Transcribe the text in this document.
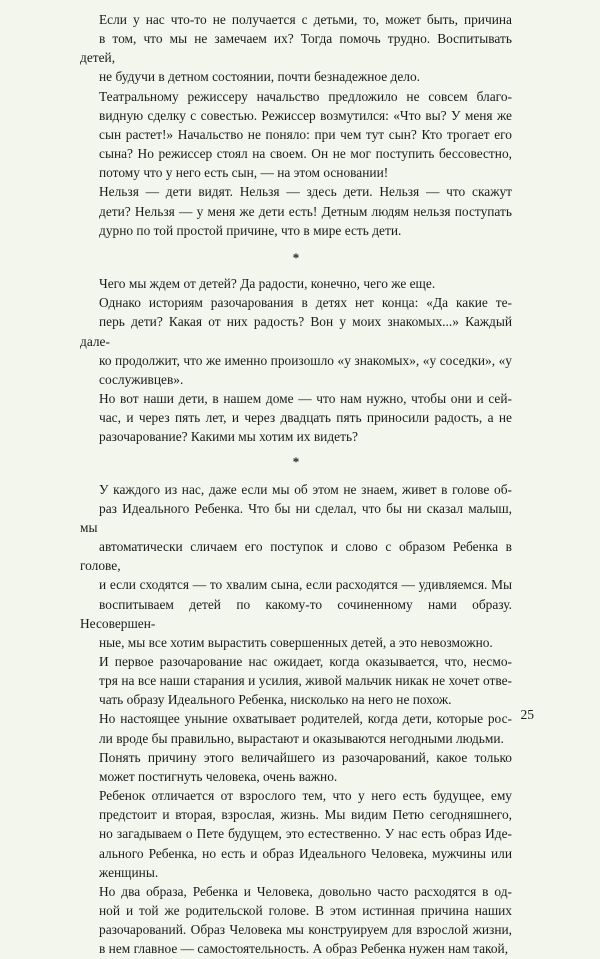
Если у нас что-то не получается с детьми, то, может быть, причина
в том, что мы не замечаем их? Тогда помочь трудно. Воспитывать детей,
не будучи в детном состоянии, почти безнадежное дело.

Театральному режиссеру начальство предложило не совсем благо-
видную сделку с совестью. Режиссер возмутился: «Что вы? У меня же
сын растет!» Начальство не поняло: при чем тут сын? Кто трогает его
сына? Но режиссер стоял на своем. Он не мог поступить бессовестно,
потому что у него есть сын, — на этом основании!

Нельзя — дети видят. Нельзя — здесь дети. Нельзя — что скажут
дети? Нельзя — у меня же дети есть! Детным людям нельзя поступать
дурно по той простой причине, что в мире есть дети.

*

Чего мы ждем от детей? Да радости, конечно, чего же еще.

Однако историям разочарования в детях нет конца: «Да какие те-
перь дети? Какая от них радость? Вон у моих знакомых...» Каждый дале-
ко продолжит, что же именно произошло «у знакомых», «у соседки», «у
сослуживцев».

Но вот наши дети, в нашем доме — что нам нужно, чтобы они и сей-
час, и через пять лет, и через двадцать пять приносили радость, а не
разочарование? Какими мы хотим их видеть?

*

У каждого из нас, даже если мы об этом не знаем, живет в голове об-
раз Идеального Ребенка. Что бы ни сделал, что бы ни сказал малыш, мы
автоматически сличаем его поступок и слово с образом Ребенка в голове,
и если сходятся — то хвалим сына, если расходятся — удивляемся. Мы
воспитываем детей по какому-то сочиненному нами образу. Несовершен-
ные, мы все хотим вырастить совершенных детей, а это невозможно.

И первое разочарование нас ожидает, когда оказывается, что, несмо-
тря на все наши старания и усилия, живой мальчик никак не хочет отве-
чать образу Идеального Ребенка, нисколько на него не похож.

Но настоящее уныние охватывает родителей, когда дети, которые рос-
ли вроде бы правильно, вырастают и оказываются негодными людьми.

Понять причину этого величайшего из разочарований, какое только
может постигнуть человека, очень важно.

Ребенок отличается от взрослого тем, что у него есть будущее, ему
предстоит и вторая, взрослая, жизнь. Мы видим Петю сегодняшнего,
но загадываем о Пете будущем, это естественно. У нас есть образ Иде-
ального Ребенка, но есть и образ Идеального Человека, мужчины или
женщины.

Но два образа, Ребенка и Человека, довольно часто расходятся в од-
ной и той же родительской голове. В этом истинная причина наших
разочарований. Образ Человека мы конструируем для взрослой жизни,
в нем главное — самостоятельность. А образ Ребенка нужен нам такой,

25
